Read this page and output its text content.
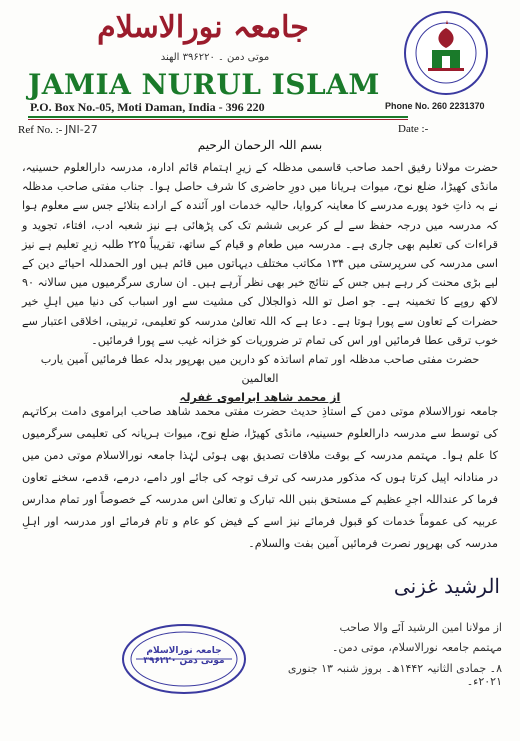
جامعہ نورالاسلام
موتی دمن ۔ ۳۹۶۲۲۰ الھند
JAMIA NURUL ISLAM
P.O. Box No.-05, Moti Daman, India - 396 220	Phone No. 260 2231370
Ref No. :- JNI-27	Date :-
بسم اللہ الرحمان الرحیم
حضرت مولانا رفیق احمد صاحب قاسمی مدظلہ کے زیرِ اہتمام قائم ادارہ، مدرسہ دارالعلوم حسینیہ، مانڈی کھیڑا، ضلع نوح، میوات ہریانا میں دورِ حاضری کا شرف حاصل ہوا۔ جناب مفتی صاحب مدظلہ نے بہ ذاتِ خود پورے مدرسے کا معاینہ کروایا، حالیہ خدمات اور آئندہ کے ارادے بتلائے جس سے معلوم ہوا کہ مدرسہ میں درجہ حفظ سے لے کر عربی ششم تک کی پڑھائی ہے نیز شعبہ ادب، افتاء، تجوید و قراءات کی تعلیم بھی جاری ہے۔ مدرسہ میں طعام و قیام کے ساتھ، تقریباً ۲۲۵ طلبہ زیرِ تعلیم ہے نیز اسی مدرسہ کی سرپرستی میں ۱۳۴ مکاتب مختلف دیہاتوں میں قائم ہیں اور الحمدللہ احیائے دین کے لیے بڑی محنت کر رہے ہیں جس کے نتائج خیر بھی نظر آرہے ہیں۔ ان ساری سرگرمیوں میں سالانہ ۹۰ لاکھ روپے کا تخمینہ ہے۔ جو اصل تو اللہ ذوالجلال کی مشیت سے اور اسباب کی دنیا میں اہلِ خیر حضرات کے تعاون سے پورا ہوتا ہے۔ دعا ہے کہ اللہ تعالیٰ مدرسہ کو تعلیمی، تربیتی، اخلاقی اعتبار سے خوب ترقی عطا فرمائیں اور اس کی تمام تر ضروریات کو خزانہ غیب سے پورا فرمائیں۔
حضرت مفتی صاحب مدظلہ اور تمام اساتذہ کو دارین میں بھرپور بدلہ عطا فرمائیں آمین یارب العالمین
از محمد شاھد ابراموی غفرلہ
جامعہ نورالاسلام موتی دمن کے استاذِ حدیث حضرت مفتی محمد شاھد صاحب ابراموی دامت برکاتہم کی توسط سے مدرسہ دارالعلوم حسینیہ، مانڈی کھیڑا، ضلع نوح، میوات ہریانہ کی تعلیمی سرگرمیوں کا علم ہوا۔ مہتمم مدرسہ کے بوقت ملاقات تصدیق بھی ہوئی لہٰذا جامعہ نورالاسلام موتی دمن میں در منادانہ اپیل کرتا ہوں کہ مذکور مدرسہ کی ترف توجہ کی جائے اور دامے، درمے، قدمے، سخنے تعاون فرما کر عنداللہ اجرِ عظیم کے مستحق بنیں اللہ تبارک و تعالیٰ اس مدرسہ کے خصوصاً اور تمام مدارس عربیہ کی عموماً خدمات کو قبول فرمائے نیز اسے کے فیض کو عام و تام فرمائے اور مدرسہ اور اہلِ مدرسہ کی بھرپور نصرت فرمائیں آمین بفت والسلام۔
الرشید غزنی
از مولانا امین الرشید آئے والا صاحب
مہتمم جامعہ نورالاسلام، موتی دمن۔
۸۔ جمادی الثانیہ ۱۴۴۲ھ۔ بروز شنبہ ۱۳ جنوری ۲۰۲۱ء۔
جامعہ نورالاسلام
موتی دمن ۳۹۶۲۲۰
